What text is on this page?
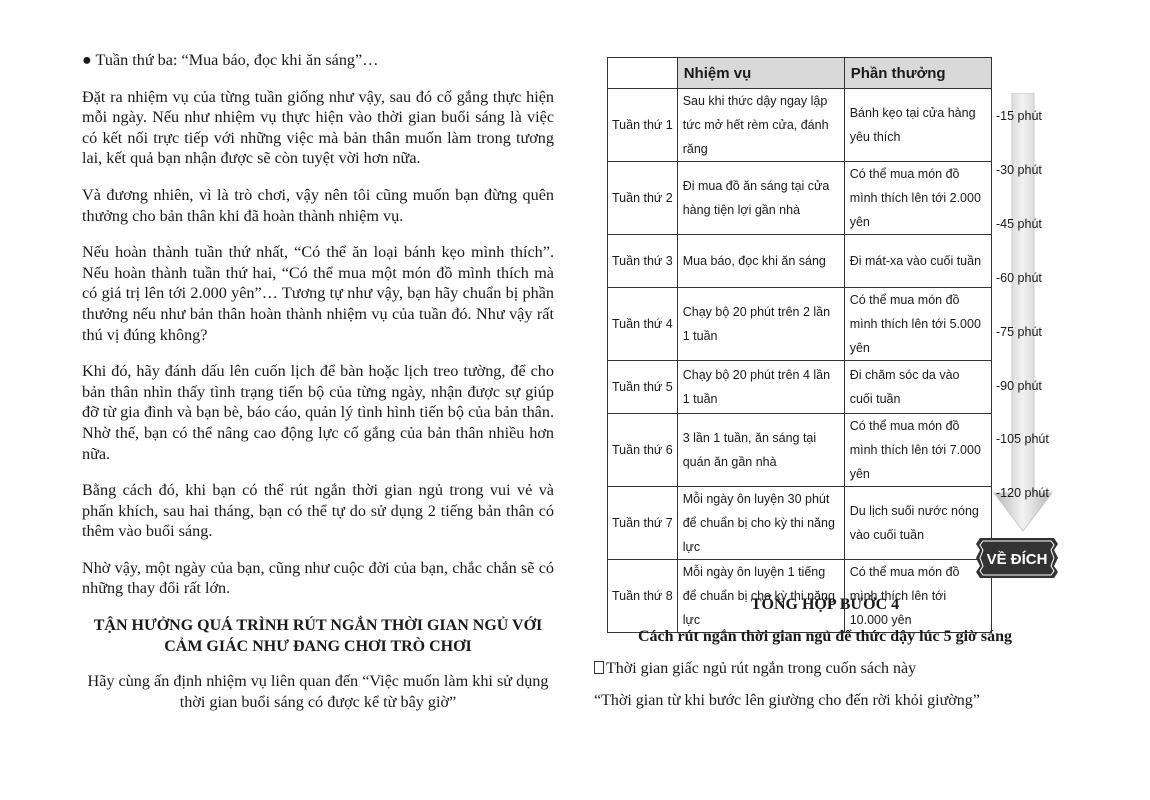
● Tuần thứ ba: “Mua báo, đọc khi ăn sáng”…

Đặt ra nhiệm vụ của từng tuần giống như vậy, sau đó cố gắng thực hiện mỗi ngày. Nếu như nhiệm vụ thực hiện vào thời gian buổi sáng là việc có kết nối trực tiếp với những việc mà bản thân muốn làm trong tương lai, kết quả bạn nhận được sẽ còn tuyệt vời hơn nữa.

Và đương nhiên, vì là trò chơi, vậy nên tôi cũng muốn bạn đừng quên thưởng cho bản thân khi đã hoàn thành nhiệm vụ.

Nếu hoàn thành tuần thứ nhất, “Có thể ăn loại bánh kẹo mình thích”. Nếu hoàn thành tuần thứ hai, “Có thể mua một món đồ mình thích mà có giá trị lên tới 2.000 yên”… Tương tự như vậy, bạn hãy chuẩn bị phần thưởng nếu như bản thân hoàn thành nhiệm vụ của tuần đó. Như vậy rất thú vị đúng không?

Khi đó, hãy đánh dấu lên cuốn lịch để bàn hoặc lịch treo tường, để cho bản thân nhìn thấy tình trạng tiến bộ của từng ngày, nhận được sự giúp đỡ từ gia đình và bạn bè, báo cáo, quản lý tình hình tiến bộ của bản thân. Nhờ thế, bạn có thể nâng cao động lực cố gắng của bản thân nhiều hơn nữa.

Bằng cách đó, khi bạn có thể rút ngắn thời gian ngủ trong vui vẻ và phấn khích, sau hai tháng, bạn có thể tự do sử dụng 2 tiếng bản thân có thêm vào buổi sáng.

Nhờ vậy, một ngày của bạn, cũng như cuộc đời của bạn, chắc chắn sẽ có những thay đổi rất lớn.

TẬN HƯỞNG QUÁ TRÌNH RÚT NGẮN THỜI GIAN NGỦ VỚI CẢM GIÁC NHƯ ĐANG CHƠI TRÒ CHƠI

Hãy cùng ấn định nhiệm vụ liên quan đến “Việc muốn làm khi sử dụng thời gian buổi sáng có được kể từ bây giờ”

	Nhiệm vụ	Phần thưởng
Tuần thứ 1	Sau khi thức dậy ngay lập tức mở hết rèm cửa, đánh răng	Bánh kẹo tại cửa hàng yêu thích
Tuần thứ 2	Đi mua đồ ăn sáng tại cửa hàng tiện lợi gần nhà	Có thể mua món đồ mình thích lên tới 2.000 yên
Tuần thứ 3	Mua báo, đọc khi ăn sáng	Đi mát-xa vào cuối tuần
Tuần thứ 4	Chạy bộ 20 phút trên 2 lần 1 tuần	Có thể mua món đồ mình thích lên tới 5.000 yên
Tuần thứ 5	Chạy bộ 20 phút trên 4 lần 1 tuần	Đi chăm sóc da vào cuối tuần
Tuần thứ 6	3 lần 1 tuần, ăn sáng tại quán ăn gần nhà	Có thể mua món đồ mình thích lên tới 7.000 yên
Tuần thứ 7	Mỗi ngày ôn luyện 30 phút để chuẩn bị cho kỳ thi năng lực	Du lịch suối nước nóng vào cuối tuần
Tuần thứ 8	Mỗi ngày ôn luyện 1 tiếng để chuẩn bị cho kỳ thi năng lực	Có thể mua món đồ mình thích lên tới 10.000 yên
-15 phút
-30 phút
-45 phút
-60 phút
-75 phút
-90 phút
-105 phút
-120 phút
VỀ ĐÍCH
TỔNG HỢP BƯỚC 4
Cách rút ngắn thời gian ngủ để thức dậy lúc 5 giờ sáng
Thời gian giấc ngủ rút ngắn trong cuốn sách này
“Thời gian từ khi bước lên giường cho đến rời khỏi giường”
